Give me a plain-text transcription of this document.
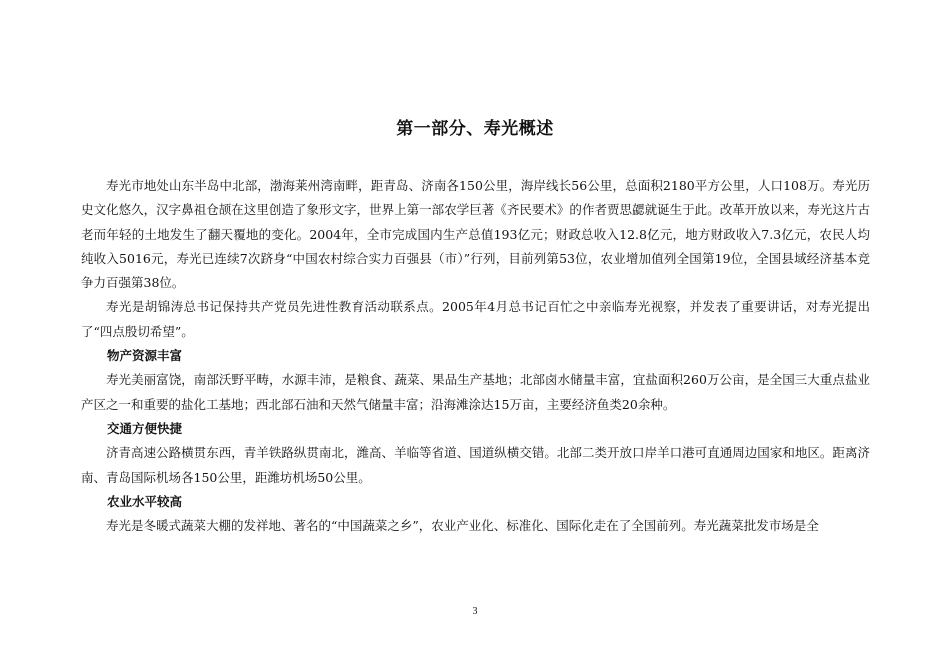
第一部分、寿光概述

寿光市地处山东半岛中北部，渤海莱州湾南畔，距青岛、济南各150公里，海岸线长56公里，总面积2180平方公里，人口108万。寿光历史文化悠久，汉字鼻祖仓颉在这里创造了象形文字，世界上第一部农学巨著《齐民要术》的作者贾思勰就诞生于此。改革开放以来，寿光这片古老而年轻的土地发生了翻天覆地的变化。2004年，全市完成国内生产总值193亿元；财政总收入12.8亿元，地方财政收入7.3亿元，农民人均纯收入5016元，寿光已连续7次跻身“中国农村综合实力百强县（市）”行列，目前列第53位，农业增加值列全国第19位，全国县域经济基本竞争力百强第38位。

寿光是胡锦涛总书记保持共产党员先进性教育活动联系点。2005年4月总书记百忙之中亲临寿光视察，并发表了重要讲话，对寿光提出了“四点殷切希望”。

物产资源丰富

寿光美丽富饶，南部沃野平畴，水源丰沛，是粮食、蔬菜、果品生产基地；北部卤水储量丰富，宜盐面积260万公亩，是全国三大重点盐业产区之一和重要的盐化工基地；西北部石油和天然气储量丰富；沿海滩涂达15万亩，主要经济鱼类20余种。

交通方便快捷

济青高速公路横贯东西，青羊铁路纵贯南北，潍高、羊临等省道、国道纵横交错。北部二类开放口岸羊口港可直通周边国家和地区。距离济南、青岛国际机场各150公里，距潍坊机场50公里。

农业水平较高

寿光是冬暖式蔬菜大棚的发祥地、著名的“中国蔬菜之乡”，农业产业化、标准化、国际化走在了全国前列。寿光蔬菜批发市场是全

3
